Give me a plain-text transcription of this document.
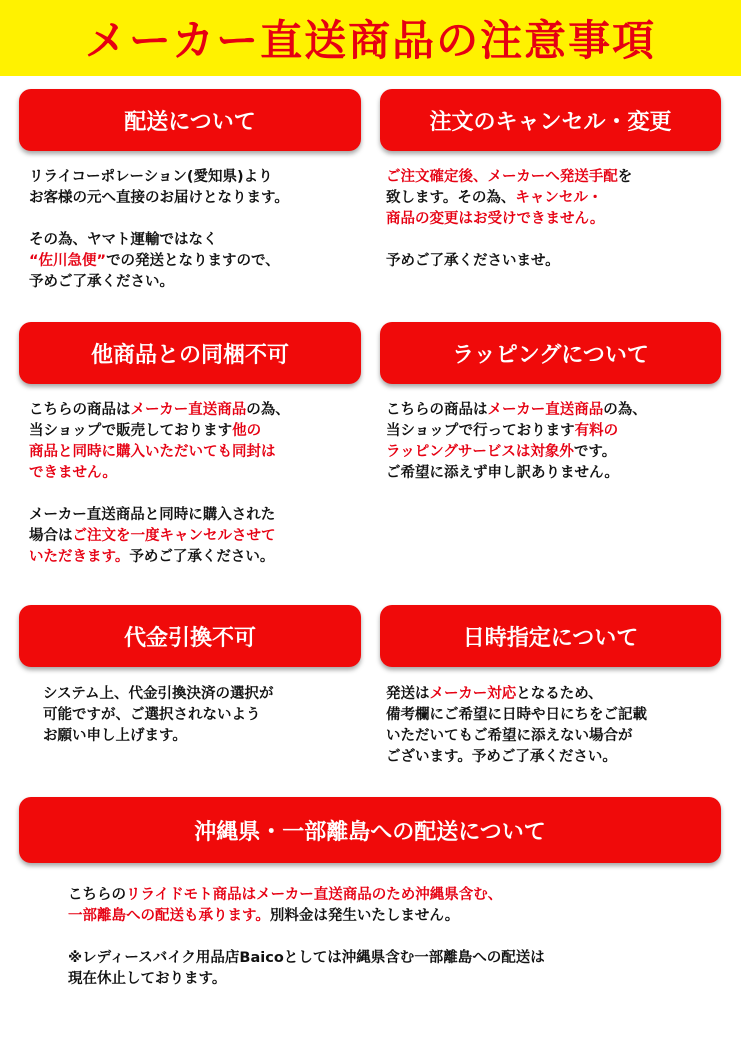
メーカー直送商品の注意事項
配送について
リライコーポレーション(愛知県)より
お客様の元へ直接のお届けとなります。
その為、ヤマト運輸ではなく
“佐川急便”での発送となりますので、
予めご了承ください。
注文のキャンセル・変更
ご注文確定後、メーカーへ発送手配を
致します。その為、キャンセル・
商品の変更はお受けできません。
予めご了承くださいませ。
他商品との同梱不可
こちらの商品はメーカー直送商品の為、
当ショップで販売しております他の
商品と同時に購入いただいても同封は
できません。
メーカー直送商品と同時に購入された
場合はご注文を一度キャンセルさせて
いただきます。予めご了承ください。
ラッピングについて
こちらの商品はメーカー直送商品の為、
当ショップで行っております有料の
ラッピングサービスは対象外です。
ご希望に添えず申し訳ありません。
代金引換不可
システム上、代金引換決済の選択が
可能ですが、ご選択されないよう
お願い申し上げます。
日時指定について
発送はメーカー対応となるため、
備考欄にご希望に日時や日にちをご記載
いただいてもご希望に添えない場合が
ございます。予めご了承ください。
沖縄県・一部離島への配送について
こちらのリライドモト商品はメーカー直送商品のため沖縄県含む、
一部離島への配送も承ります。別料金は発生いたしません。
※レディースバイク用品店Baicoとしては沖縄県含む一部離島への配送は
現在休止しております。
